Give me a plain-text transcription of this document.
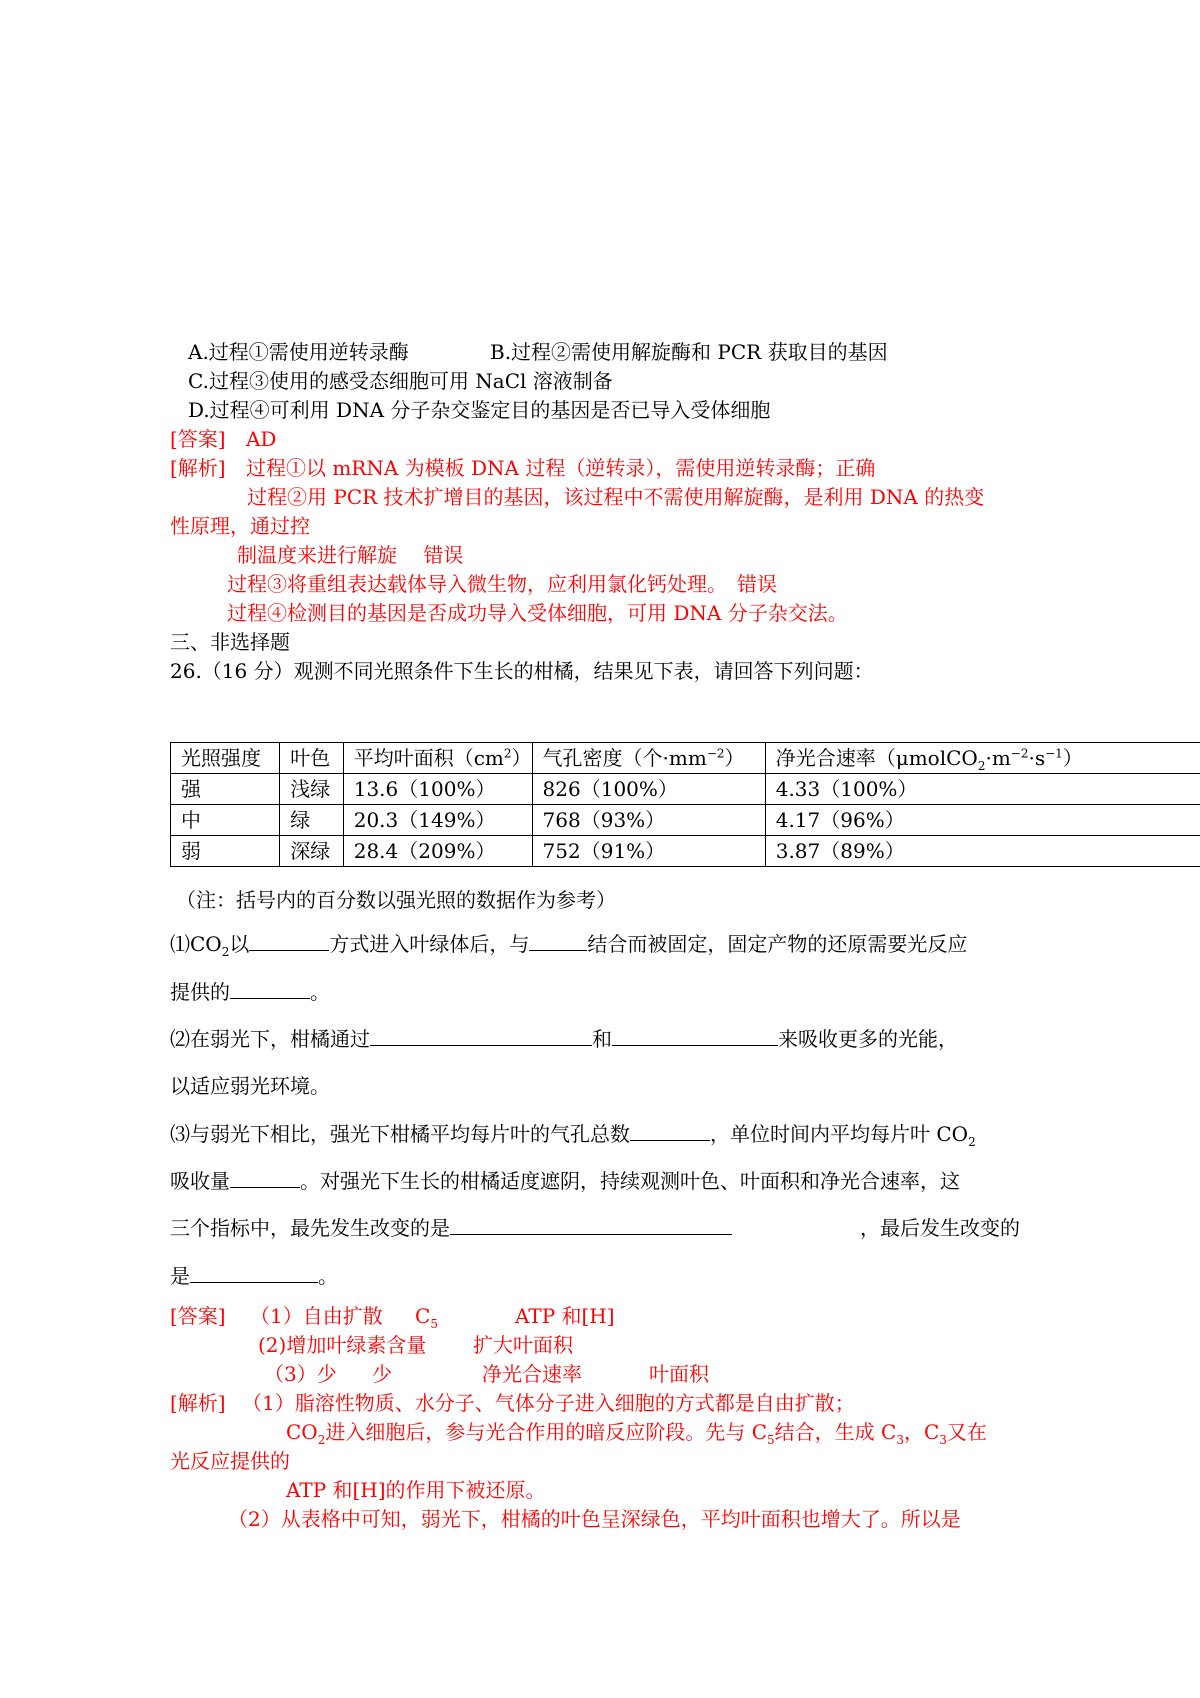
A.过程①需使用逆转录酶	B.过程②需使用解旋酶和 PCR 获取目的基因
C.过程③使用的感受态细胞可用 NaCl 溶液制备
D.过程④可利用 DNA 分子杂交鉴定目的基因是否已导入受体细胞
[答案] AD
[解析] 过程①以 mRNA 为模板 DNA 过程（逆转录），需使用逆转录酶；正确
过程②用 PCR 技术扩增目的基因，该过程中不需使用解旋酶，是利用 DNA 的热变
性原理，通过控
制温度来进行解旋　 错误
过程③将重组表达载体导入微生物，应利用氯化钙处理。　错误
过程④检测目的基因是否成功导入受体细胞，可用 DNA 分子杂交法。
三、非选择题
26.（16 分）观测不同光照条件下生长的柑橘，结果见下表，请回答下列问题：
光照强度	叶色	平均叶面积$(cm^2)$	气孔密度（个$\cdot mm^{-2}$）	净光合速率$(\mu molCO_2\cdot m^{-2}\cdot s^{-1})$
强	浅绿	13.6（100%）	826（100%）	4.33（100%）
中	绿	20.3（149%）	768（93%）	4.17（96%）
弱	深绿	28.4（209%）	752（91%）	3.87（89%）
（注：括号内的百分数以强光照的数据作为参考）
$⑴CO_2$以	方式进入叶绿体后，与	结合而被固定，固定产物的还原需要光反应
提供的	。
⑵在弱光下，柑橘通过	和	来吸收更多的光能，
以适应弱光环境。
⑶与弱光下相比，强光下柑橘平均每片叶的气孔总数	，单位时间内平均每片叶 $CO_2$
吸收量	。对强光下生长的柑橘适度遮阴，持续观测叶色、叶面积和净光合速率，这
三个指标中，最先发生改变的是	，最后发生改变的
是	。
[答案] （1）自由扩散 $C_5$	ATP 和[H]
(2)增加叶绿素含量 扩大叶面积
（3）少 少	净光合速率	叶面积
[解析] （1）脂溶性物质、水分子、气体分子进入细胞的方式都是自由扩散；
$CO_2$进入细胞后，参与光合作用的暗反应阶段。先与 $C_5$结合，生成 $C_3$，$C_3$又在
光反应提供的
ATP 和[H]的作用下被还原。
（2）从表格中可知，弱光下，柑橘的叶色呈深绿色，平均叶面积也增大了。所以是
